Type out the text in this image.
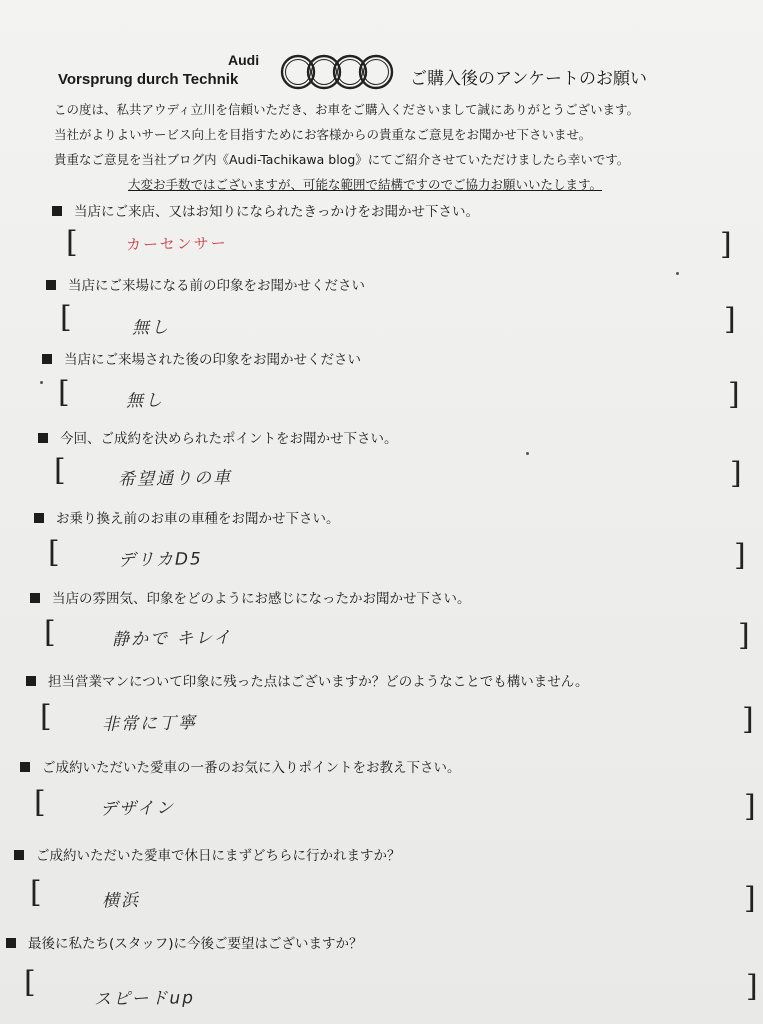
Audi
Vorsprung durch Technik	ご購入後のアンケートのお願い
この度は、私共アウディ立川を信頼いただき、お車をご購入くださいまして誠にありがとうございます。
当社がよりよいサービス向上を目指すためにお客様からの貴重なご意見をお聞かせ下さいませ。
貴重なご意見を当社ブログ内《Audi-Tachikawa blog》にてご紹介させていただけましたら幸いです。
大変お手数ではございますが、可能な範囲で結構ですのでご協力お願いいたします。
当店にご来店、又はお知りになられたきっかけをお聞かせ下さい。
[	カーセンサー	]
当店にご来場になる前の印象をお聞かせください
[	無し	]
当店にご来場された後の印象をお聞かせください
[	無し	]
今回、ご成約を決められたポイントをお聞かせ下さい。
[	希望通りの車	]
お乗り換え前のお車の車種をお聞かせ下さい。
[	デリカD5	]
当店の雰囲気、印象をどのようにお感じになったかお聞かせ下さい。
[	静かで キレイ	]
担当営業マンについて印象に残った点はございますか？どのようなことでも構いません。
[	非常に丁寧	]
ご成約いただいた愛車の一番のお気に入りポイントをお教え下さい。
[	デザイン	]
ご成約いただいた愛車で休日にまずどちらに行かれますか？
[	横浜	]
最後に私たち(スタッフ)に今後ご要望はございますか？
[	スピードup	]
